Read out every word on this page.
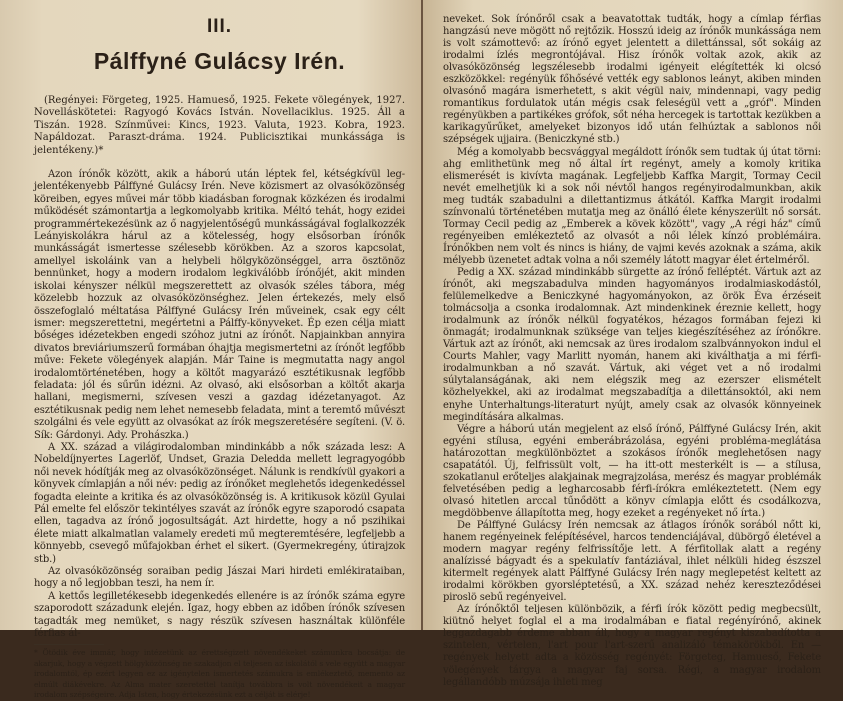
III.
Pálffyné Gulácsy Irén.

(Regényei: Förgeteg, 1925. Hamueső, 1925. Fekete völegények, 1927. Novelláskötetei: Ragyogó Kovács István. Novellaciklus. 1925. Áll a Tiszán. 1928. Színművei: Kincs, 1923. Valuta, 1923. Kobra, 1923. Napáldozat. Paraszt-dráma. 1924. Publicisztikai munkássága is jelentékeny.)*

Azon írónők között, akik a háború után léptek fel, kétségkívül leg-jelentékenyebb Pálffyné Gulácsy Irén. Neve közismert az olvasóközönség köreiben, egyes művei már több kiadásban forognak közkézen és irodalmi működését számontartja a legkomolyabb kritika. Méltó tehát, hogy ezidei programmértekezésünk az ő nagyjelentőségű munkásságával foglalkozzék Leányiskolákra hárul az a kötelesség, hogy elsősorban írónők munkásságát ismertesse szélesebb körökben. Az a szoros kapcsolat, amellyel iskoláink van a helybeli hölgyközönséggel, arra ösztönöz bennünket, hogy a modern irodalom legkiválóbb írónőjét, akit minden iskolai kényszer nélkül megszerettett az olvasók széles tábora, még közelebb hozzuk az olvasóközönséghez. Jelen értekezés, mely első összefoglaló méltatása Pálffyné Gulácsy Irén műveinek, csak egy célt ismer: megszerettetni, megértetni a Pálffy-könyveket. Ép ezen célja miatt bőséges idézetekben engedi szóhoz jutni az írónőt. Napjainkban annyira divatos breviáriumszerű formában óhajtja megismertetni az írónőt legfőbb műve: Fekete völegények alapján. Már Taine is megmutatta nagy angol irodalomtörténetében, hogy a költőt magyarázó esztétikusnak legfőbb feladata: jól és sűrűn idézni. Az olvasó, aki elsősorban a költőt akarja hallani, megismerni, szívesen veszi a gazdag idézetanyagot. Az esztétikusnak pedig nem lehet nemesebb feladata, mint a teremtő művészt szolgálni és vele együtt az olvasókat az írók megszeretésére segíteni. (V. ö. Sík: Gárdonyi. Ady. Prohászka.)

A XX. század a világirodalomban mindinkább a nők százada lesz: A Nobeldíjnyertes Lagerlöf, Undset, Grazia Deledda mellett legragyogóbb női nevek hódítják meg az olvasóközönséget. Nálunk is rendkívül gyakori a könyvek címlapján a női név: pedig az írónőket meglehetős idegenkedéssel fogadta eleinte a kritika és az olvasóközönség is. A kritikusok közül Gyulai Pál emelte fel először tekintélyes szavát az írónők egyre szaporodó csapata ellen, tagadva az írónő jogosultságát. Azt hirdette, hogy a nő pszihikai élete miatt alkalmatlan valamely eredeti mű megteremtésére, legfeljebb a könnyebb, csevegő műfajokban érhet el sikert. (Gyermekregény, útirajzok stb.)

Az olvasóközönség soraiban pedig Jászai Mari hirdeti emlékirataiban, hogy a nő legjobban teszi, ha nem ír.

A kettős legilletékesebb idegenkedés ellenére is az írónők száma egyre szaporodott századunk elején. Igaz, hogy ebben az időben írónők szívesen tagadták meg nemüket, s nagy részük szívesen használtak különféle férfias ál-

* Ötödik éve immár, hogy intézetünk az érettségizett növendékeket számunkra bocsátja: de akarjuk, hogy a végzett hölgyközönség ne szakadjon el teljesen az iskolától s vele együtt a magyar irodalomtól, ép ezért legyen ez az igénytelen ismertetés számukra is emlékeztető, memento az elmúlt diákévekre. Az Alma mater szeretettel tanítja továbbra is volt növendékeit a magyar irodalom szépségeire. Adja Isten, hogy értekezésünk ezt a célját is elérje!

neveket. Sok írónőről csak a beavatottak tudták, hogy a címlap férfias hangzású neve mögött nő rejtőzik. Hosszú ideig az írónők munkássága nem is volt számottevő: az írónő egyet jelentett a dilettánssal, sőt sokáig az irodalmi ízlés megrontójával. Hisz írónők voltak azok, akik az olvasóközönség legszélesebb irodalmi igényeit elégítették ki olcsó eszközökkel: regényük főhősévé vették egy sablonos leányt, akiben minden olvasónő magára ismerhetett, s akit végül naiv, mindennapi, vagy pedig romantikus fordulatok után mégis csak feleségül vett a „gróf". Minden regényükben a partikékes grófok, sőt néha hercegek is tartottak kezükben a karikagyűrűket, amelyeket bizonyos idő után felhúztak a sablonos női szépségek ujjaira. (Beniczkyné stb.)

Még a komolyabb becsvággyal megáldott írónők sem tudtak új útat törni: ahg emlithetünk meg nő által írt regényt, amely a komoly kritika elismerését is kivívta magának. Legfeljebb Kaffka Margit, Tormay Cecil nevét emelhetjük ki a sok női névtől hangos regényirodalmunkban, akik meg tudták szabadulni a dilettantizmus átkától. Kaffka Margit irodalmi színvonalú történetében mutatja meg az önálló élete kényszerült nő sorsát. Tormay Cecil pedig az „Emberek a kövek között", vagy „A régi ház" című regényeiben emlékeztető az olvasót a női lélek kínzó problémáira. Írónőkben nem volt és nincs is hiány, de vajmi kevés azoknak a száma, akik mélyebb üzenetet adtak volna a női személy látott magyar élet értelméről.

Pedig a XX. század mindinkább sürgette az írónő felléptét. Vártuk azt az írónőt, aki megszabadulva minden hagyományos irodalmiaskodástól, felülemelkedve a Beniczkyné hagyományokon, az örök Éva érzéseit tolmácsolja a csonka irodalomnak. Azt mindenkinek éreznie kellett, hogy irodalmunk az írónők nélkül fogyatékos, hézagos formában fejezi ki önmagát; irodalmunknak szüksége van teljes kiegészítéséhez az írónőkre. Vártuk azt az írónőt, aki nemcsak az üres irodalom szalbvánnyokon indul el Courts Mahler, vagy Marlitt nyomán, hanem aki kiválthatja a mi férfi-irodalmunkban a nő szavát. Vártuk, aki véget vet a nő irodalmi súlytalanságának, aki nem elégszik meg az ezerszer elismételt közhelyekkel, aki az irodalmat megszabadítja a dilettánsoktól, aki nem enyhe Unterhaltungs-literaturt nyújt, amely csak az olvasók könnyeinek megindítására alkalmas.

Végre a háború után megjelent az első írónő, Pálffyné Gulácsy Irén, akit egyéni stílusa, egyéni emberábrázolása, egyéni probléma-meglátása határozottan megkülönböztet a szokásos írónők meglehetősen nagy csapatától. Új, felfrissült volt, — ha itt-ott mesterkélt is — a stílusa, szokatlanul erőteljes alakjainak megrajzolása, merész és magyar problémák felvetésében pedig a legharcosabb férfi-írókra emlékeztetett. (Nem egy olvasó hitetlen arccal tűnődött a könyv címlapja előtt és csodálkozva, megdöbbenve állapította meg, hogy ezeket a regényeket nő írta.)

De Pálffyné Gulácsy Irén nemcsak az átlagos írónők sorából nőtt ki, hanem regényeinek felépítésével, harcos tendenciájával, dübörgő életével a modern magyar regény felfrissítője lett. A férfitollak alatt a regény analízissé bágyadt és a spekulatív fantáziával, ihlet nélküli hideg észszel kitermelt regények alatt Pálffyné Gulácsy Irén nagy meglepetést keltett az irodalmi körökben gyorsléptetésű, a XX. század nehéz kereszteződései piroslö sebű regényeivel.

Az írónőktől teljesen különbözik, a férfi írók között pedig megbecsült, kiütnő helyet foglal el a ma irodalmában e fiatal regényírónő, akinek leggazdagabb érdeme abban áll, hogy a magyar regényt kiszabadította a szintelen, vértelen, l'art pour l'art-szerű analizáló témakörökből. En — regények helyett adta a közösség regényét: Förgeteg, Hamueső, Fekete völegények tárgya a magyar faj sorsa. Régi, a magyar irodalom legállandóbb múzsája ihleti meg
